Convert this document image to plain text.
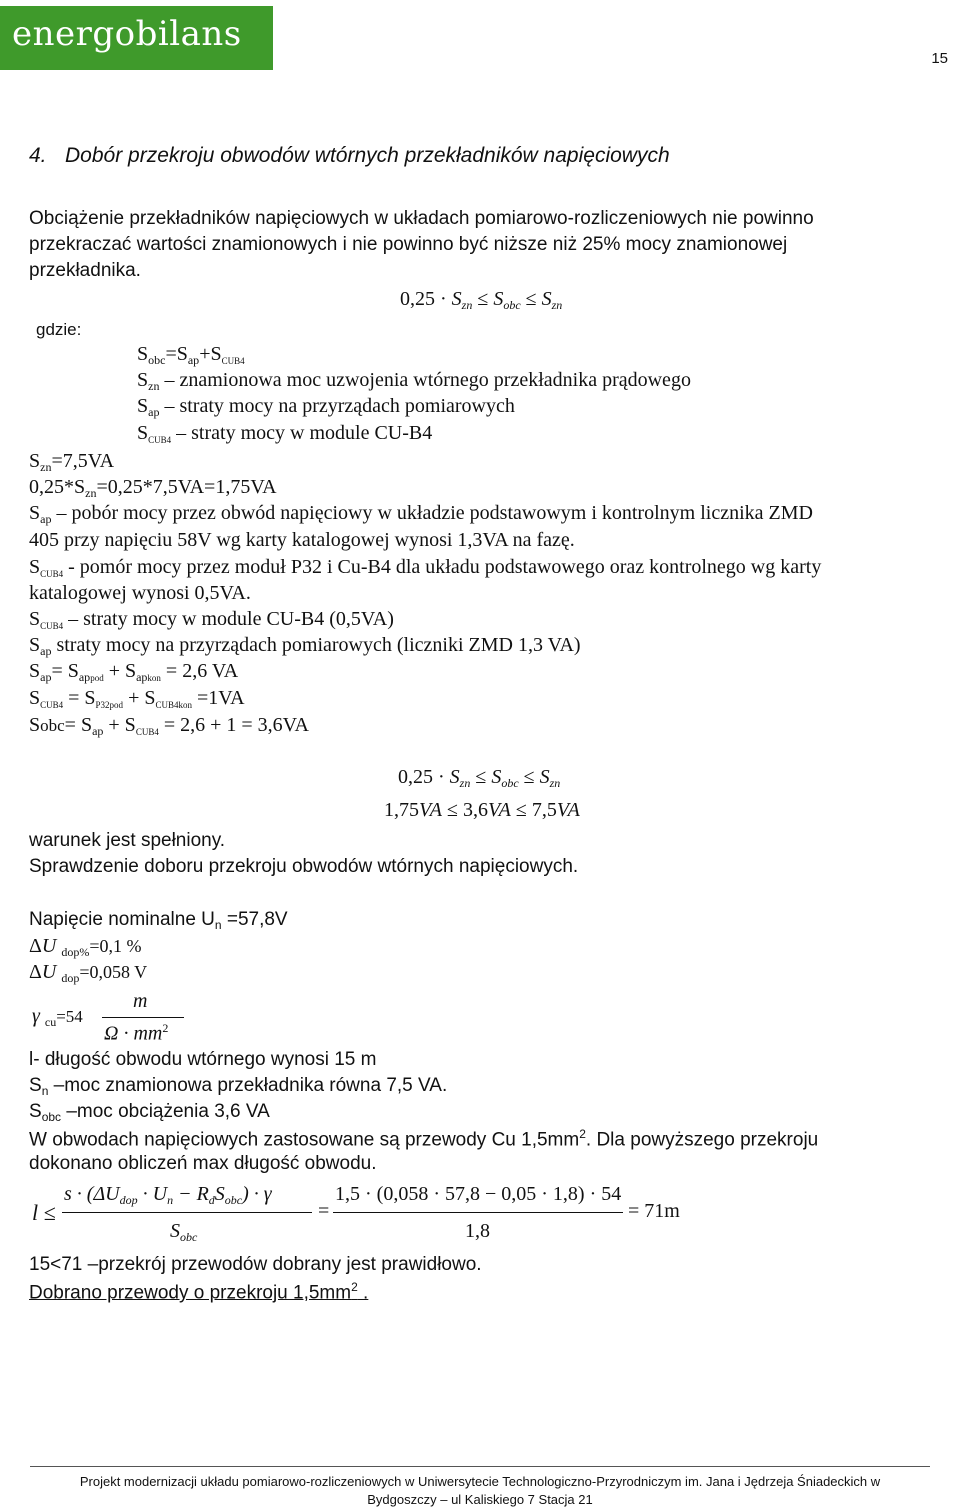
energobilans
15
4. Dobór przekroju obwodów wtórnych przekładników napięciowych
Obciążenie przekładników napięciowych w układach pomiarowo-rozliczeniowych nie powinno
przekraczać wartości znamionowych i nie powinno być niższe niż 25% mocy znamionowej
przekładnika.
$0,25 \cdot S_{zn} \le S_{obc} \le S_{zn}$
gdzie:
$S_{obc}=S_{ap}+S_{CUB4}$
$S_{zn}$ – znamionowa moc uzwojenia wtórnego przekładnika prądowego
$S_{ap}$ – straty mocy na przyrządach pomiarowych
$S_{CUB4}$ – straty mocy w module CU-B4
$S_{zn}=7,5VA$
$0,25*S_{zn}=0,25*7,5VA=1,75VA$
$S_{ap}$ – pobór mocy przez obwód napięciowy w układzie podstawowym i kontrolnym licznika ZMD
405 przy napięciu 58V wg karty katalogowej wynosi 1,3VA na fazę.
$S_{CUB4}$ - pomór mocy przez moduł P32 i Cu-B4 dla układu podstawowego oraz kontrolnego wg karty
katalogowej wynosi 0,5VA.
$S_{CUB4}$ – straty mocy w module CU-B4 (0,5VA)
$S_{ap}$ straty mocy na przyrządach pomiarowych (liczniki ZMD 1,3 VA)
$S_{ap}= S_{appod} + S_{apkon} = 2,6$ VA
$S_{CUB4} = S_{P32pod} + S_{CUB4kon} =1VA$
Sobc= $S_{ap} + S_{CUB4} = 2,6 + 1 = 3,6VA$
$0,25 \cdot S_{zn} \le S_{obc} \le S_{zn}$
1,75VA ≤ 3,6VA ≤ 7,5VA
warunek jest spełniony.
Sprawdzenie doboru przekroju obwodów wtórnych napięciowych.
Napięcie nominalne $U_n =57,8V$
ΔU $_{dop\%}$=0,1 %
ΔU $_{dop}$=0,058 V
γ $_{cu}$=54
m
$\Omega \cdot mm^2$
l- długość obwodu wtórnego wynosi 15 m
$S_n$ –moc znamionowa przekładnika równa 7,5 VA.
$S_{obc}$ –moc obciążenia 3,6 VA
W obwodach napięciowych zastosowane są przewody Cu $1,5mm^2$. Dla powyższego przekroju
dokonano obliczeń max długość obwodu.
l ≤
$s \cdot (\Delta U_{dop} \cdot U_n - R_dS_{obc}) \cdot \gamma$
$S_{obc}$
=
1,5 · (0,058 · 57,8 − 0,05 · 1,8) · 54
1,8
= 71m
15<71 –przekrój przewodów dobrany jest prawidłowo.
Dobrano przewody o przekroju $1,5mm^2$ .
Projekt modernizacji układu pomiarowo-rozliczeniowych w Uniwersytecie Technologiczno-Przyrodniczym im. Jana i Jędrzeja Śniadeckich w
Bydgoszczy – ul Kaliskiego 7 Stacja 21
